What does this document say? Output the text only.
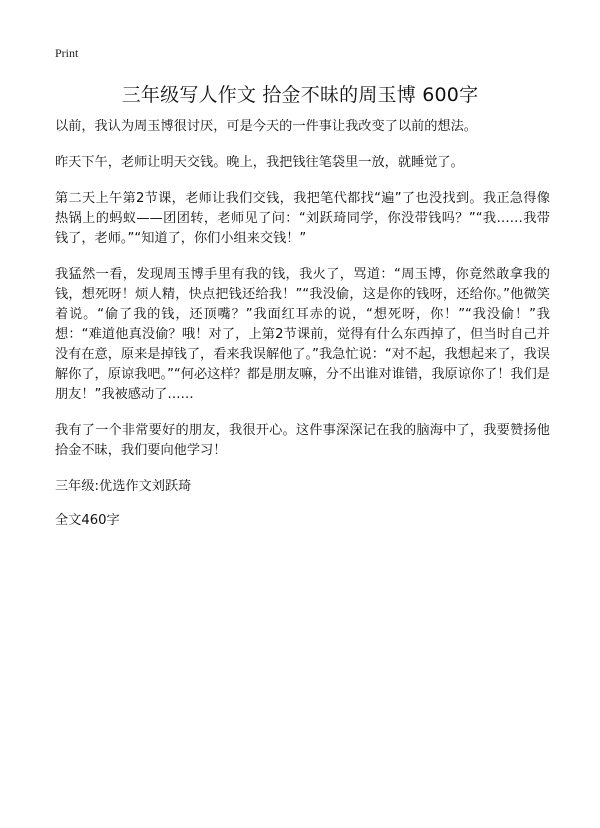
Print
三年级写人作文 拾金不昧的周玉博 600字

以前，我认为周玉博很讨厌，可是今天的一件事让我改变了以前的想法。

昨天下午，老师让明天交钱。晚上，我把钱往笔袋里一放，就睡觉了。

第二天上午第2节课，老师让我们交钱，我把笔代都找“遍”了也没找到。我正急得像热锅上的蚂蚁——团团转，老师见了问：“刘跃琦同学，你没带钱吗？”“我……我带钱了，老师。”“知道了，你们小组来交钱！”

我猛然一看，发现周玉博手里有我的钱，我火了，骂道：“周玉博，你竟然敢拿我的钱，想死呀！烦人精，快点把钱还给我！”“我没偷，这是你的钱呀，还给你。”他微笑着说。“偷了我的钱，还顶嘴？”我面红耳赤的说，“想死呀，你！”“我没偷！”我想：“难道他真没偷？哦！对了，上第2节课前，觉得有什么东西掉了，但当时自己并没有在意，原来是掉钱了，看来我误解他了。”我急忙说：“对不起，我想起来了，我误解你了，原谅我吧。”“何必这样？都是朋友嘛，分不出谁对谁错，我原谅你了！我们是朋友！”我被感动了……

我有了一个非常要好的朋友，我很开心。这件事深深记在我的脑海中了，我要赞扬他拾金不昧，我们要向他学习！

三年级:优选作文刘跃琦

全文460字
